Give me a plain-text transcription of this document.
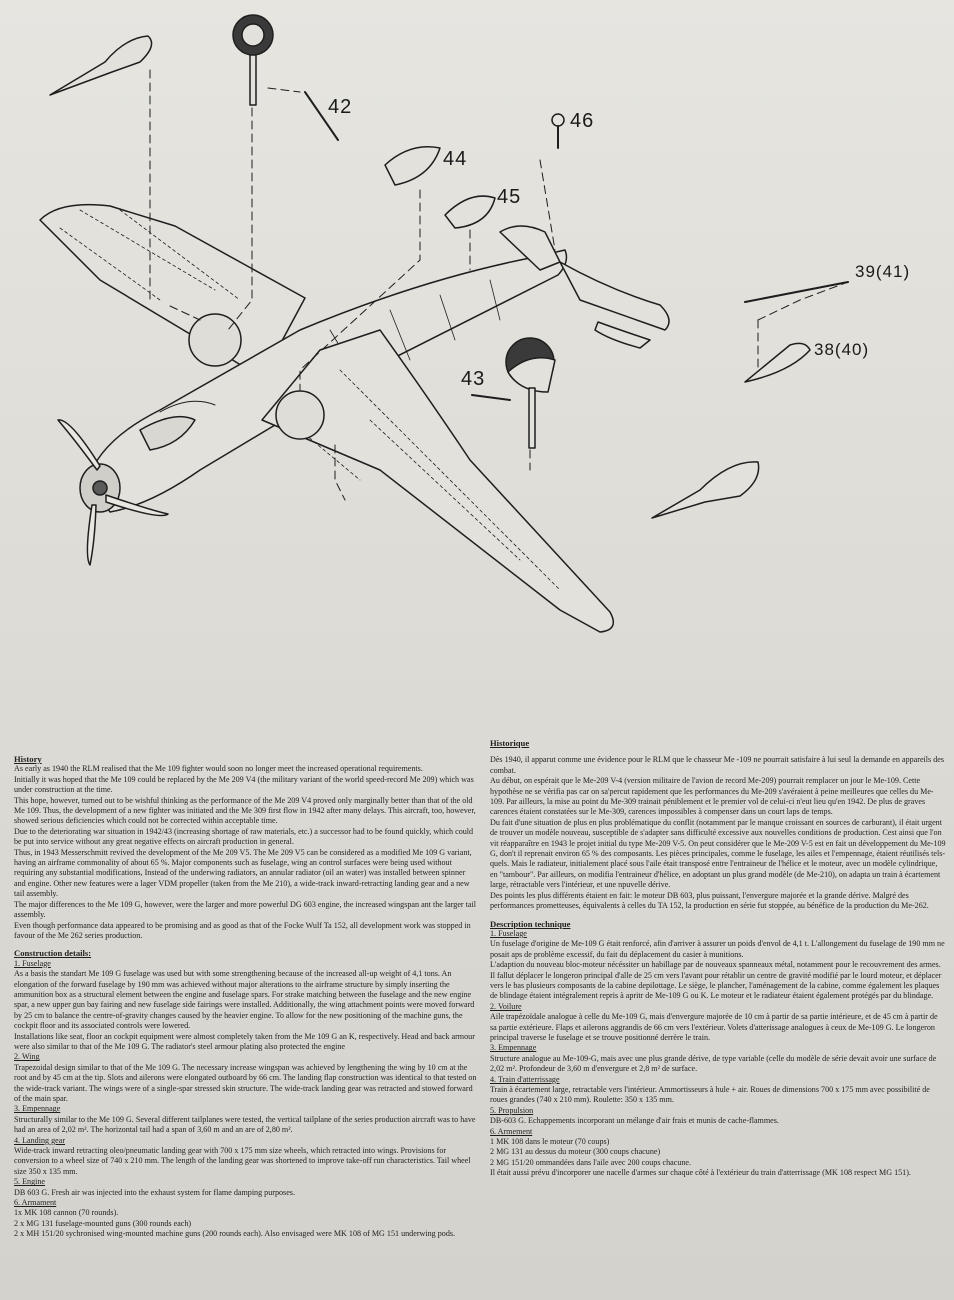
42
44
45
46
43
39(41)
38(40)
History
As early as 1940 the RLM realised that the Me 109 fighter would soon no longer meet the increased operational requirements.
Initially it was hoped that the Me 109 could be replaced by the Me 209 V4 (the military variant of the world speed-record Me 209) which was under construction at the time.
This hope, however, turned out to be wishful thinking as the performance of the Me 209 V4 proved only marginally better than that of the old Me 109. Thus, the development of a new fighter was initiated and the Me 309 first flow in 1942 after many delays. This aircraft, too, however, showed serious deficiencies which could not be corrected within acceptable time.
Due to the deteriorating war situation in 1942/43 (increasing shortage of raw materials, etc.) a successor had to be found quickly, which could be put into service without any great negative effects on aircraft production in general.
Thus, in 1943 Messerschmitt revived the development of the Me 209 V5. The Me 209 V5 can be considered as a modified Me 109 G variant, having an airframe commonality of about 65 %. Major components such as fuselage, wing an control surfaces were being used without requiring any substantial modifications, Instead of the underwing radiators, an annular radiator (oil an water) was installed between spinner and engine. Other new features were a lager VDM propeller (taken from the Me 210), a wide-track inward-retracting landing gear and a new tail assembly.
The major differences to the Me 109 G, however, were the larger and more powerful DG 603 engine, the increased wingspan ant the larger tail assembly.
Even though performance data appeared to be promising and as good as that of the Focke Wulf Ta 152, all development work was stopped in favour of the Me 262 series production.
Construction details:
1. Fuselage
As a basis the standart Me 109 G fuselage was used but with some strengthening because of the increased all-up weight of 4,1 tons. An elongation of the forward fuselage by 190 mm was achieved without major alterations to the airframe structure by simply inserting the ammunition box as a structural element between the engine and fuselage spars. For strake matching between the fuselage and the new engine spar, a new upper gun bay fairing and new fuselage side fairings were installed. Additionally, the wing attachment points were moved forward by 25 cm to balance the centre-of-gravity changes caused by the heavier engine. To allow for the new positioning of the machine guns, the cockpit floor and its associated controls were lowered.
Installations like seat, floor an cockpit equipment were almost completely taken from the Me 109 G an K, respectively. Head and back armour were also similar to that of the Me 109 G. The radiator's steel armour plating also protected the engine
2. Wing
Trapezoidal design similar to that of the Me 109 G. The necessary increase wingspan was achieved by lengthening the wing by 10 cm at the root and by 45 cm at the tip. Slots and ailerons were elongated outboard by 66 cm. The landing flap construction was identical to that tested on the wide-track variant. The wings were of a single-spar stressed skin structure. The wide-track landing gear was retracted and stowed forward of the main spar.
3. Empennage
Structurally similar to the Me 109 G. Several different tailplanes were tested, the vertical tailplane of the series production aircraft was to have had an area of 2,02 m². The horizontal tail had a span of 3,60 m and an are of 2,80 m².
4. Landing gear
Wide-track inward retracting oleo/pneumatic landing gear with 700 x 175 mm size wheels, which retracted into wings. Provisions for conversion to a wheel size of 740 x 210 mm. The length of the landing gear was shortened to improve take-off run characteristics. Tail wheel size 350 x 135 mm.
5. Engine
DB 603 G. Fresh air was injected into the exhaust system for flame damping purposes.
6. Armament
1x MK 108 cannon (70 rounds).
2 x MG 131 fuselage-mounted guns (300 rounds each)
2 x MH 151/20 sychronised wing-mounted machine guns (200 rounds each). Also envisaged were MK 108 of MG 151 underwing pods.
Historique
Dès 1940, il apparut comme une évidence pour le RLM que le chasseur Me -109 ne pourrait satisfaire à lui seul la demande en appareils des combat.
Au début, on espérait que le Me-209 V-4 (version militaire de l'avion de record Me-209) pourrait remplacer un jour le Me-109. Cette hypothèse ne se vérifia pas car on sa'percut rapidement que les performances du Me-209 s'avéraient à peine meilleures que celles du Me-109. Par ailleurs, la mise au point du Me-309 trainait péniblement et le premier vol de celui-ci n'eut lieu qu'en 1942. De plus de graves carences étaient constatées sur le Me-309, carences impossibles à compenser dans un court laps de temps.
Du fait d'une situation de plus en plus problématique du conflit (notamment par le manque croissant en sources de carburant), il était urgent de trouver un modèle nouveau, susceptible de s'adapter sans difficulté excessive aux nouvelles conditions de production. Cest ainsi que l'on vit réapparaître en 1943 le projet initial du type Me-209 V-5. On peut considérer que le Me-209 V-5 est en fait un développement du Me-109 G, don't il reprenait environ 65 % des composants. Les pièces principales, comme le fuselage, les ailes et l'empennage, étaient réutilisés tels-quels. Mais le radiateur, initialement placé sous l'aile était transposé entre l'entraineur de l'hélice et le moteur, avec un modèle cylindrique, en "tambour". Par ailleurs, on modifia l'entraineur d'hélice, en adoptant un plus grand modèle (de Me-210), on adapta un train à écartement large, rétractable vers l'intérieur, et une npuvelle dérive.
Des points les plus différents étaient en fait: le moteur DB 603, plus puissant, l'envergure majorée et la grande dérive. Malgré des performances prometteuses, équivalents à celles du TA 152, la production en série fut stoppée, au bénéfice de la production du Me-262.
Description technique
1. Fuselage
Un fuselage d'origine de Me-109 G était renforcé, afin d'arriver à assurer un poids d'envol de 4,1 t. L'allongement du fuselage de 190 mm ne posait aps de problème excessif, du fait du déplacement du casier à munitions.
L'adaption du nouveau bloc-moteur nécéssiter un habillage par de nouveaux spanneaux métal, notamment pour le recouvrement des armes. Il fallut déplacer le longeron principal d'alle de 25 cm vers l'avant pour rétablir un centre de gravité modifié par le lourd moteur, et déplacer vers le bas plusieurs composants de la cabine depilottage. Le siège, le plancher, l'aménagement de la cabine, comme également les plaques de blindage étaient intégralement repris à apritr de Me-109 G ou K. Le moteur et le radiateur étaient également protégés par du blindage.
2. Voilure
Aile trapézoïdale analogue à celle du Me-109 G, mais d'envergure majorée de 10 cm à partir de sa partie intérieure, et de 45 cm à partir de sa partie extérieure. Flaps et ailerons aggrandis de 66 cm vers l'extérieur. Volets d'atterissage analogues à ceux de Me-109 G. Le longeron principal traverse le fuselage et se trouve positionné derrère le train.
3. Empennage
Structure analogue au Me-109-G, mais avec une plus grande dérive, de type variable (celle du modèle de série devait avoir une surface de 2,02 m². Profondeur de 3,60 m d'envergure et 2,8 m² de surface.
4. Train d'atterrissage
Train à écartement large, retractable vers l'intérieur. Ammortisseurs à hule + air. Roues de dimensions 700 x 175 mm avec possibilité de roues grandes (740 x 210 mm). Roulette: 350 x 135 mm.
5. Propulsion
DB-603 G. Echappements incorporant un mélange d'air frais et munis de cache-flammes.
6. Armement
1 MK 108 dans le moteur (70 coups)
2 MG 131 au dessus du moteur (300 coups chacune)
2 MG 151/20 ommandées dans l'aile avec 200 coups chacune.
Il était aussi prévu d'incorporer une nacelle d'armes sur chaque côté à l'extérieur du train d'atterrissage (MK 108 respect MG 151).
